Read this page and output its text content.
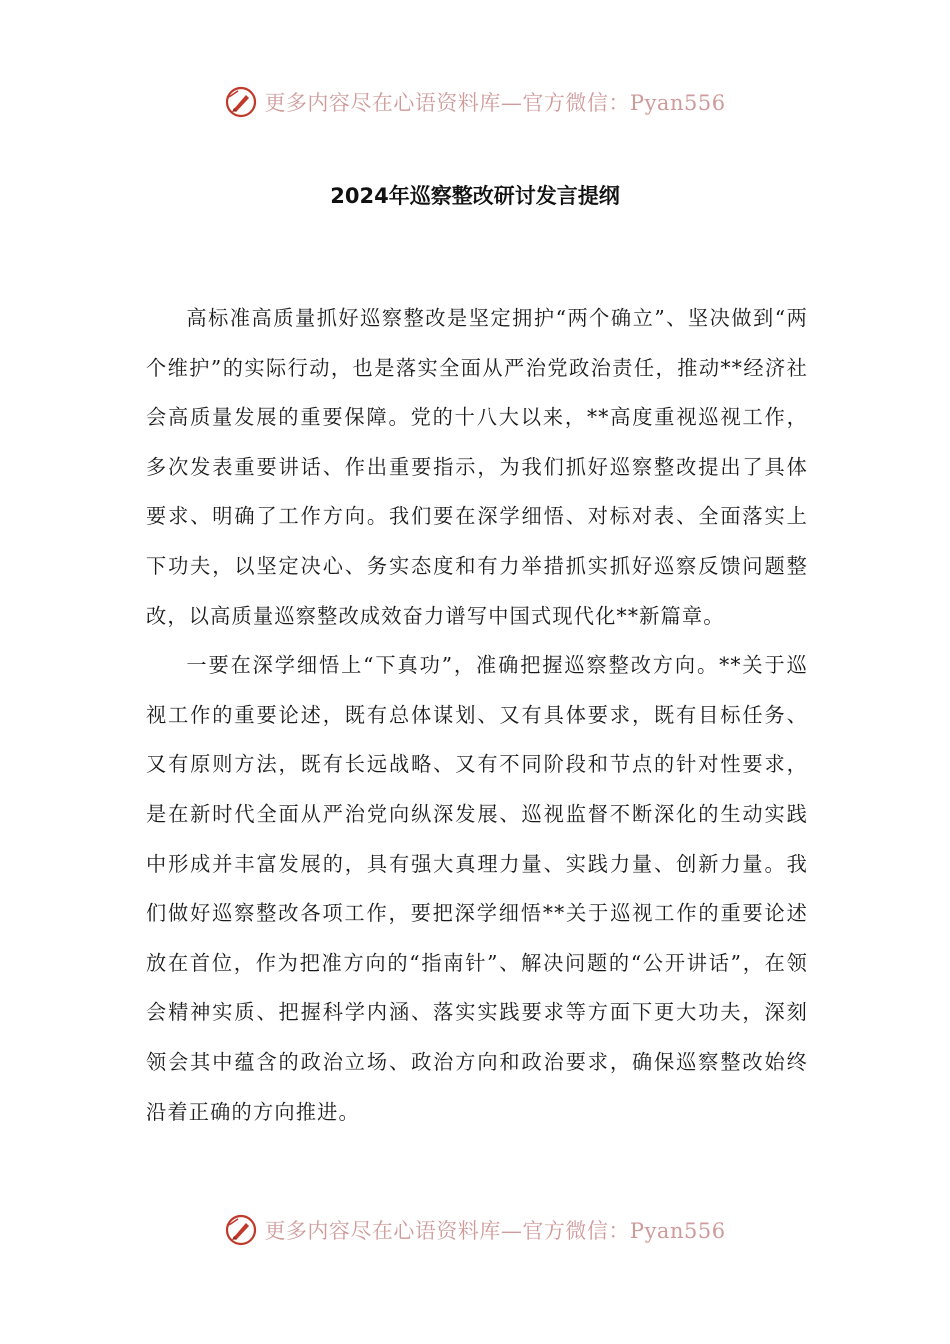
更多内容尽在心语资料库—官方微信：Pyan556
2024年巡察整改研讨发言提纲

高标准高质量抓好巡察整改是坚定拥护“两个确立”、坚决做到“两个维护”的实际行动，也是落实全面从严治党政治责任，推动**经济社会高质量发展的重要保障。党的十八大以来，**高度重视巡视工作，多次发表重要讲话、作出重要指示，为我们抓好巡察整改提出了具体要求、明确了工作方向。我们要在深学细悟、对标对表、全面落实上下功夫，以坚定决心、务实态度和有力举措抓实抓好巡察反馈问题整改，以高质量巡察整改成效奋力谱写中国式现代化**新篇章。

一要在深学细悟上“下真功”，准确把握巡察整改方向。**关于巡视工作的重要论述，既有总体谋划、又有具体要求，既有目标任务、又有原则方法，既有长远战略、又有不同阶段和节点的针对性要求，是在新时代全面从严治党向纵深发展、巡视监督不断深化的生动实践中形成并丰富发展的，具有强大真理力量、实践力量、创新力量。我们做好巡察整改各项工作，要把深学细悟**关于巡视工作的重要论述放在首位，作为把准方向的“指南针”、解决问题的“公开讲话”，在领会精神实质、把握科学内涵、落实实践要求等方面下更大功夫，深刻领会其中蕴含的政治立场、政治方向和政治要求，确保巡察整改始终沿着正确的方向推进。

更多内容尽在心语资料库—官方微信：Pyan556
